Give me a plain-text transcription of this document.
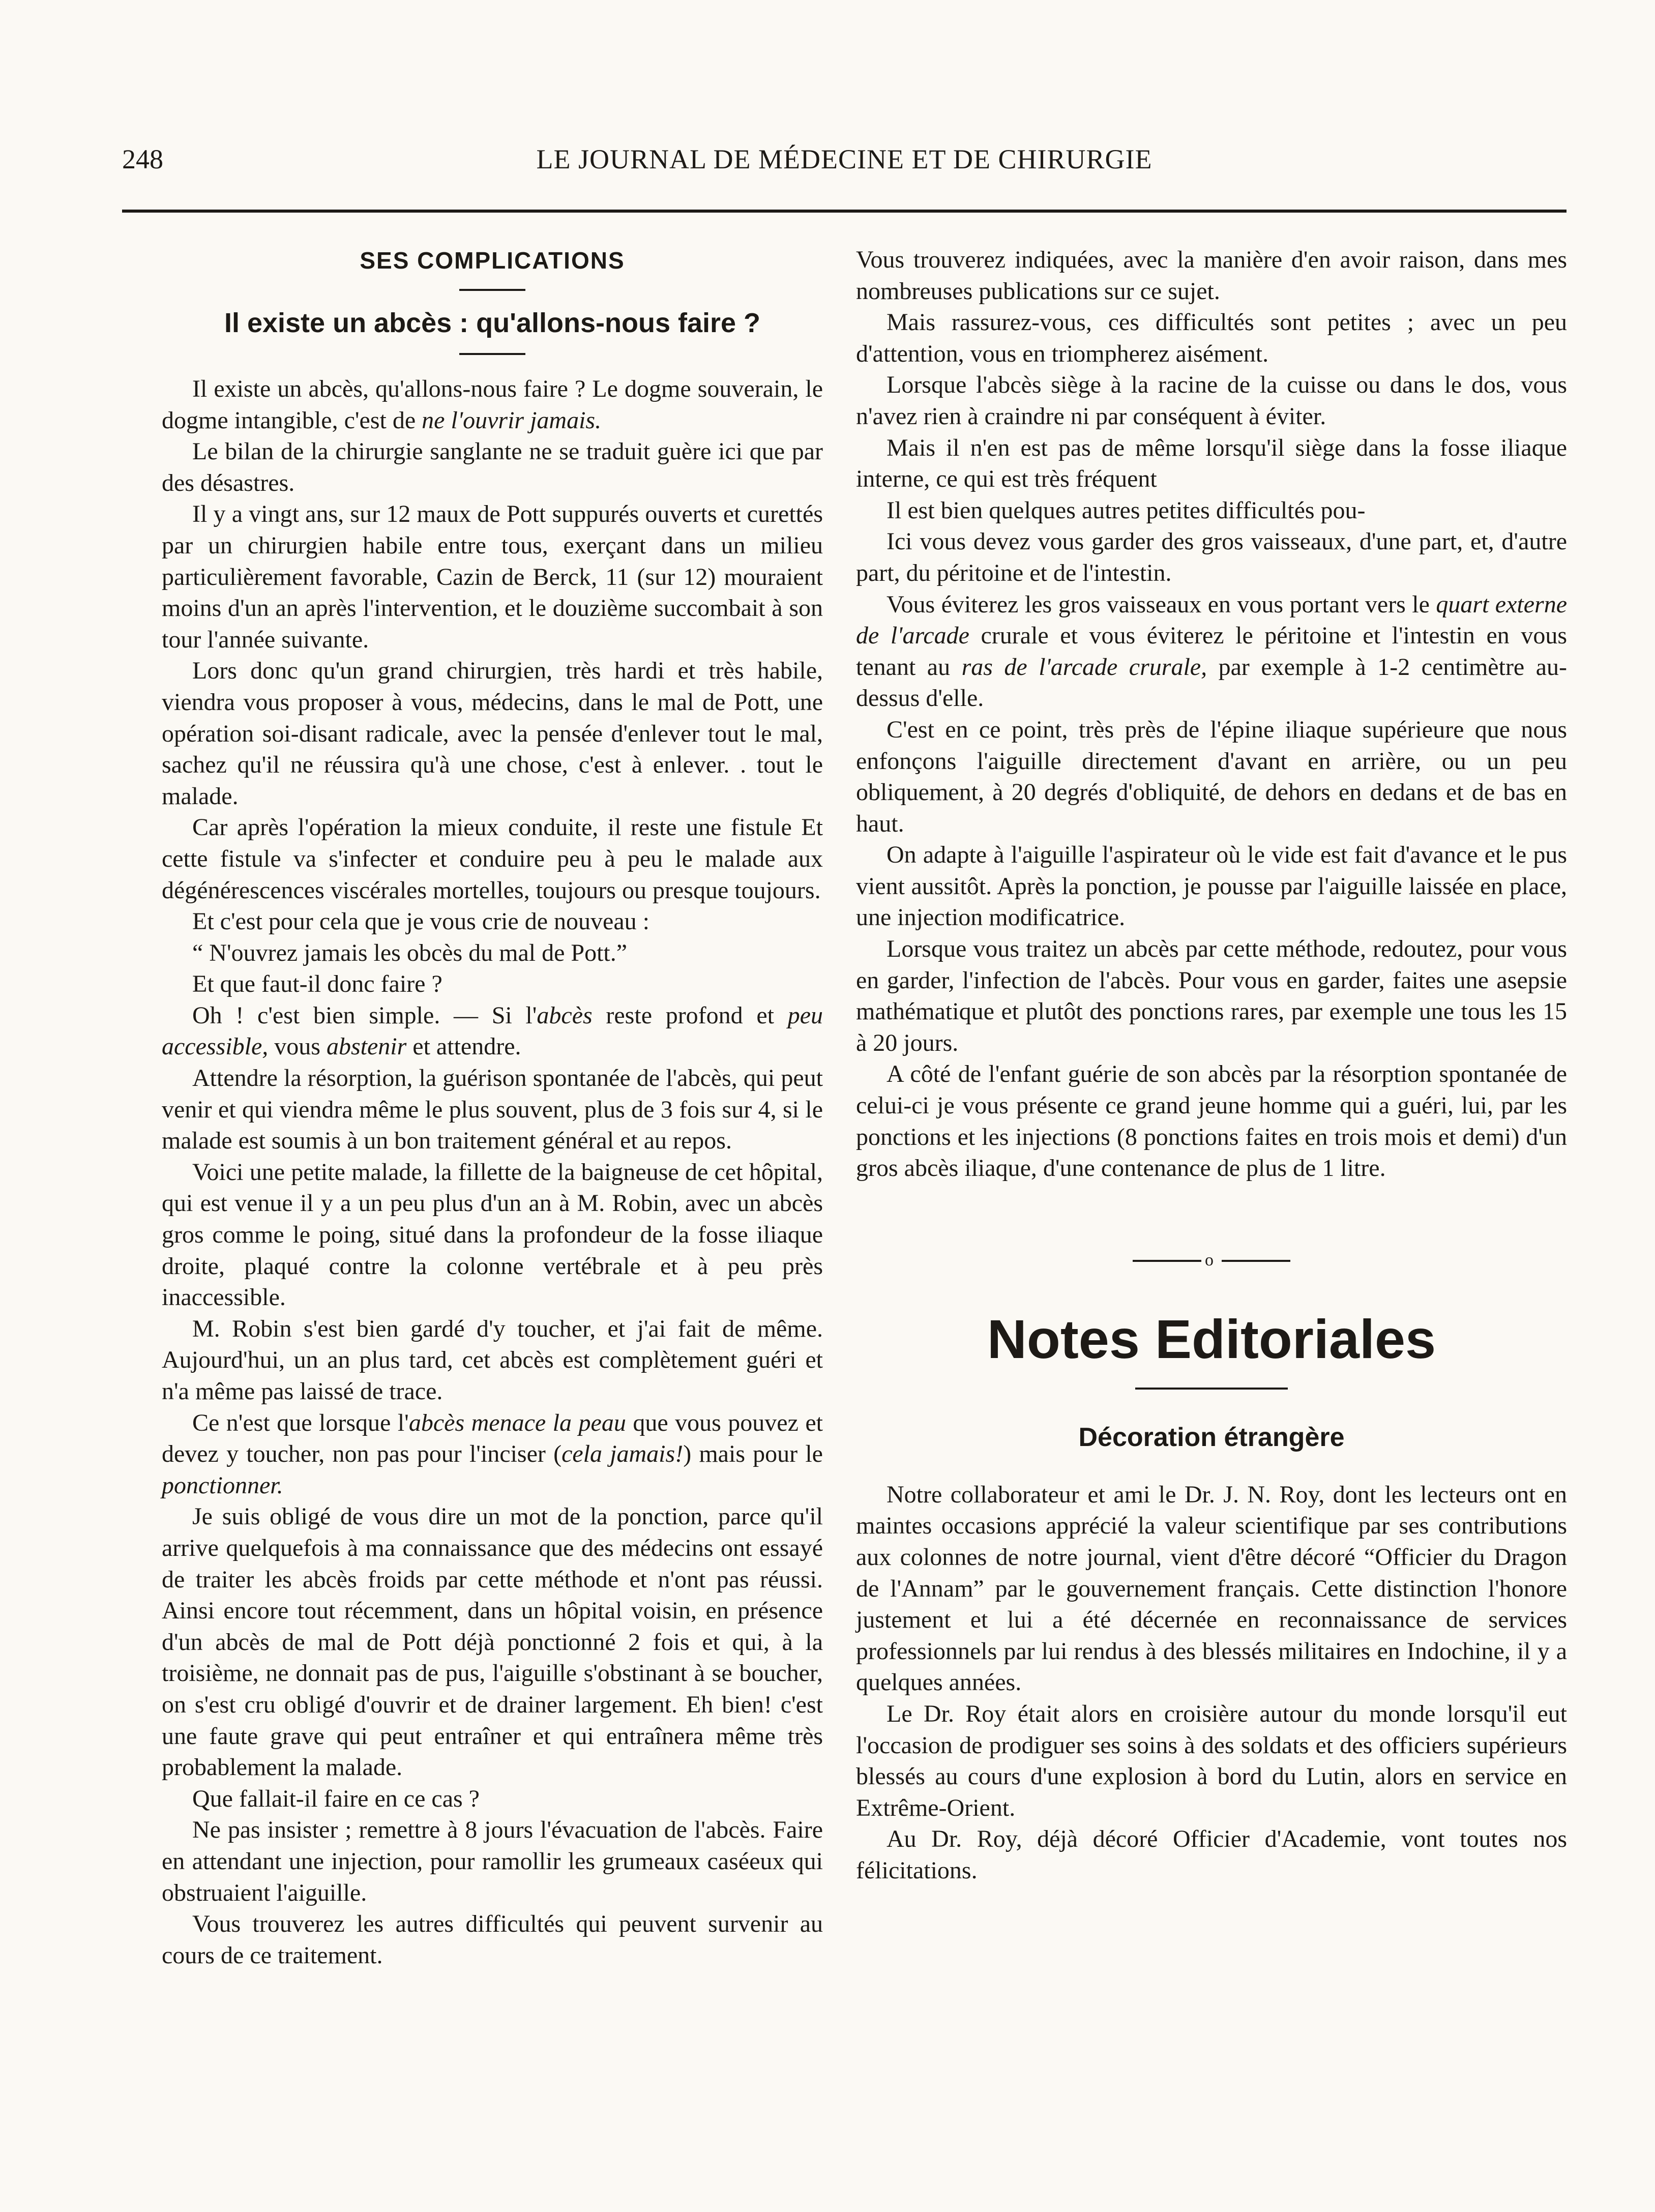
248	LE JOURNAL DE MÉDECINE ET DE CHIRURGIE
SES COMPLICATIONS
Il existe un abcès : qu'allons-nous faire ?

Il existe un abcès, qu'allons-nous faire ? Le dogme souverain, le dogme intangible, c'est de ne l'ouvrir jamais.

Le bilan de la chirurgie sanglante ne se traduit guère ici que par des désastres.

Il y a vingt ans, sur 12 maux de Pott suppurés ouverts et curettés par un chirurgien habile entre tous, exerçant dans un milieu particulièrement favorable, Cazin de Berck, 11 (sur 12) mouraient moins d'un an après l'intervention, et le douzième succombait à son tour l'année suivante.

Lors donc qu'un grand chirurgien, très hardi et très habile, viendra vous proposer à vous, médecins, dans le mal de Pott, une opération soi-disant radicale, avec la pensée d'enlever tout le mal, sachez qu'il ne réussira qu'à une chose, c'est à enlever. . tout le malade.

Car après l'opération la mieux conduite, il reste une fistule Et cette fistule va s'infecter et conduire peu à peu le malade aux dégénérescences viscérales mortelles, toujours ou presque toujours.

Et c'est pour cela que je vous crie de nouveau :

“ N'ouvrez jamais les obcès du mal de Pott.”

Et que faut-il donc faire ?

Oh ! c'est bien simple. — Si l'abcès reste profond et peu accessible, vous abstenir et attendre.

Attendre la résorption, la guérison spontanée de l'abcès, qui peut venir et qui viendra même le plus souvent, plus de 3 fois sur 4, si le malade est soumis à un bon traitement général et au repos.

Voici une petite malade, la fillette de la baigneuse de cet hôpital, qui est venue il y a un peu plus d'un an à M. Robin, avec un abcès gros comme le poing, situé dans la profondeur de la fosse iliaque droite, plaqué contre la colonne vertébrale et à peu près inaccessible.

M. Robin s'est bien gardé d'y toucher, et j'ai fait de même. Aujourd'hui, un an plus tard, cet abcès est complètement guéri et n'a même pas laissé de trace.

Ce n'est que lorsque l'abcès menace la peau que vous pouvez et devez y toucher, non pas pour l'inciser (cela jamais!) mais pour le ponctionner.

Je suis obligé de vous dire un mot de la ponction, parce qu'il arrive quelquefois à ma connaissance que des médecins ont essayé de traiter les abcès froids par cette méthode et n'ont pas réussi. Ainsi encore tout récemment, dans un hôpital voisin, en présence d'un abcès de mal de Pott déjà ponctionné 2 fois et qui, à la troisième, ne donnait pas de pus, l'aiguille s'obstinant à se boucher, on s'est cru obligé d'ouvrir et de drainer largement. Eh bien! c'est une faute grave qui peut entraîner et qui entraînera même très probablement la malade.

Que fallait-il faire en ce cas ?

Ne pas insister ; remettre à 8 jours l'évacuation de l'abcès. Faire en attendant une injection, pour ramollir les grumeaux caséeux qui obstruaient l'aiguille.

Vous trouverez les autres difficultés qui peuvent survenir au cours de ce traitement.

Vous trouverez indiquées, avec la manière d'en avoir raison, dans mes nombreuses publications sur ce sujet.

Mais rassurez-vous, ces difficultés sont petites ; avec un peu d'attention, vous en triompherez aisément.

Lorsque l'abcès siège à la racine de la cuisse ou dans le dos, vous n'avez rien à craindre ni par conséquent à éviter.

Mais il n'en est pas de même lorsqu'il siège dans la fosse iliaque interne, ce qui est très fréquent

Il est bien quelques autres petites difficultés pou-

Ici vous devez vous garder des gros vaisseaux, d'une part, et, d'autre part, du péritoine et de l'intestin.

Vous éviterez les gros vaisseaux en vous portant vers le quart externe de l'arcade crurale et vous éviterez le péritoine et l'intestin en vous tenant au ras de l'arcade crurale, par exemple à 1-2 centimètre au-dessus d'elle.

C'est en ce point, très près de l'épine iliaque supérieure que nous enfonçons l'aiguille directement d'avant en arrière, ou un peu obliquement, à 20 degrés d'obliquité, de dehors en dedans et de bas en haut.

On adapte à l'aiguille l'aspirateur où le vide est fait d'avance et le pus vient aussitôt. Après la ponction, je pousse par l'aiguille laissée en place, une injection modificatrice.

Lorsque vous traitez un abcès par cette méthode, redoutez, pour vous en garder, l'infection de l'abcès. Pour vous en garder, faites une asepsie mathématique et plutôt des ponctions rares, par exemple une tous les 15 à 20 jours.

A côté de l'enfant guérie de son abcès par la résorption spontanée de celui-ci je vous présente ce grand jeune homme qui a guéri, lui, par les ponctions et les injections (8 ponctions faites en trois mois et demi) d'un gros abcès iliaque, d'une contenance de plus de 1 litre.

o
Notes Editoriales
Décoration étrangère

Notre collaborateur et ami le Dr. J. N. Roy, dont les lecteurs ont en maintes occasions apprécié la valeur scientifique par ses contributions aux colonnes de notre journal, vient d'être décoré “Officier du Dragon de l'Annam” par le gouvernement français. Cette distinction l'honore justement et lui a été décernée en reconnaissance de services professionnels par lui rendus à des blessés militaires en Indochine, il y a quelques années.

Le Dr. Roy était alors en croisière autour du monde lorsqu'il eut l'occasion de prodiguer ses soins à des soldats et des officiers supérieurs blessés au cours d'une explosion à bord du Lutin, alors en service en Extrême-Orient.

Au Dr. Roy, déjà décoré Officier d'Academie, vont toutes nos félicitations.
